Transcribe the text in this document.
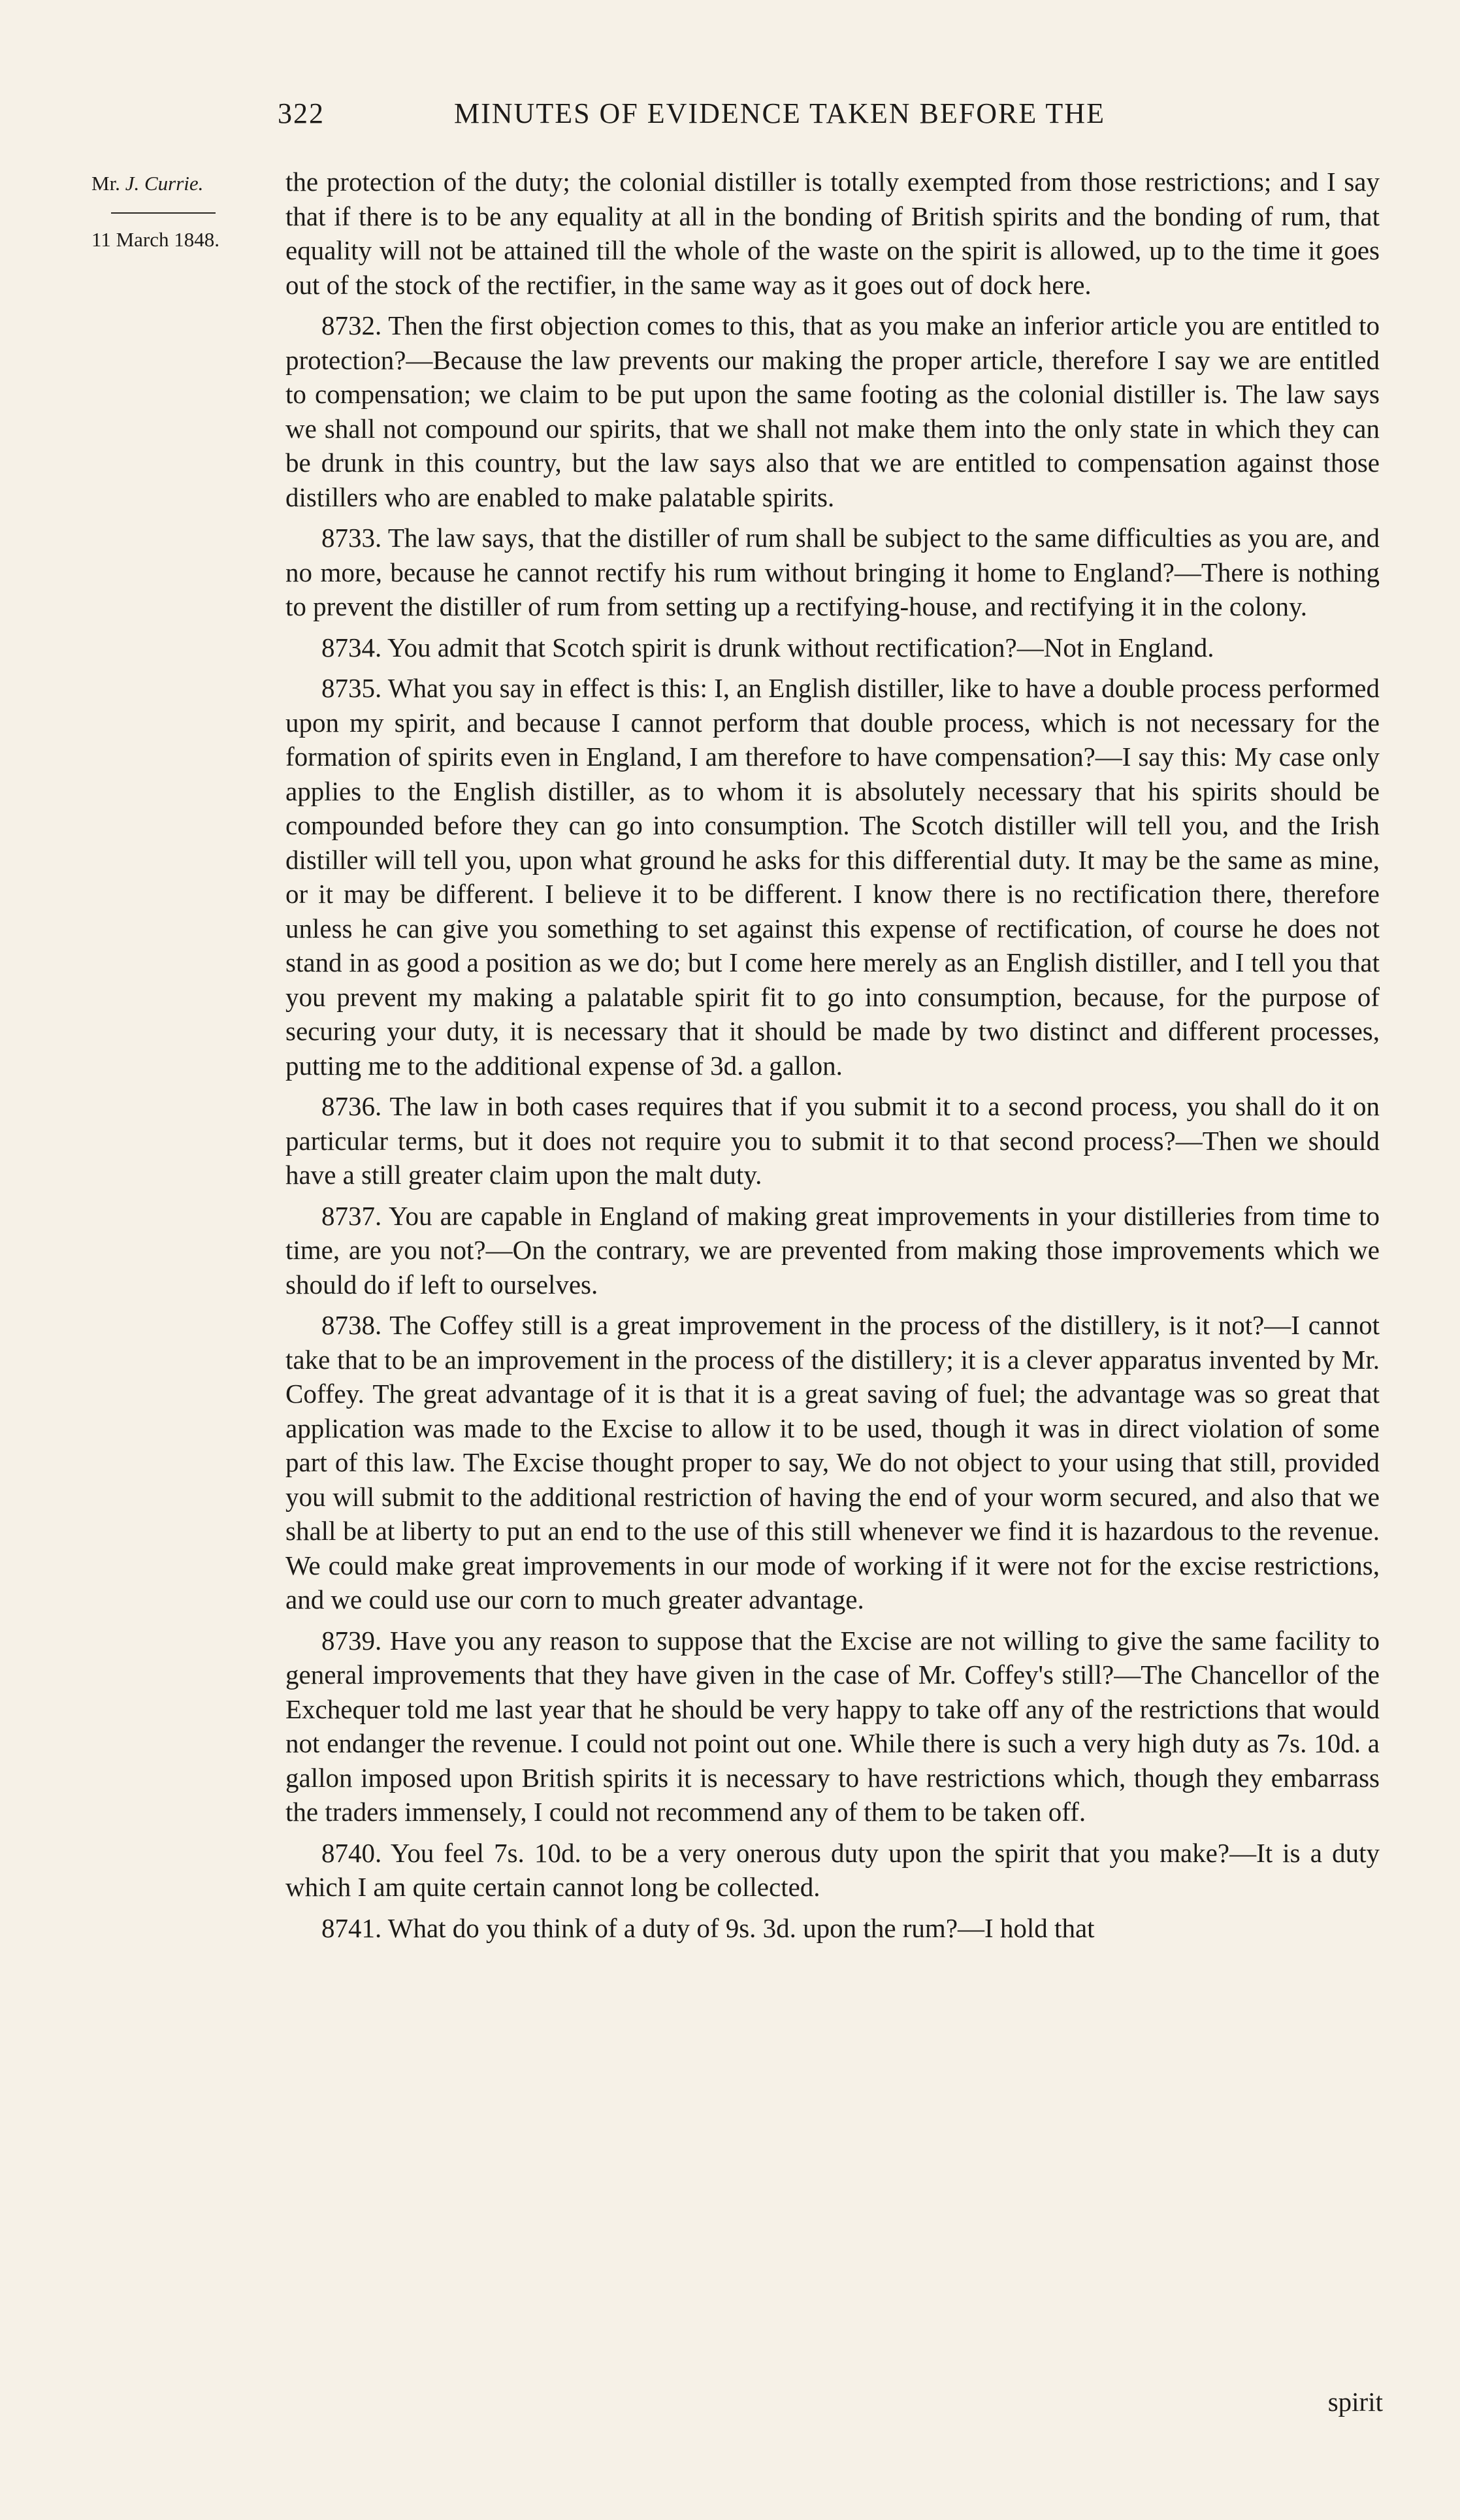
322	MINUTES OF EVIDENCE TAKEN BEFORE THE
Mr. J. Currie.
11 March 1848.

the protection of the duty; the colonial distiller is totally exempted from those restrictions; and I say that if there is to be any equality at all in the bonding of British spirits and the bonding of rum, that equality will not be attained till the whole of the waste on the spirit is allowed, up to the time it goes out of the stock of the rectifier, in the same way as it goes out of dock here.

8732. Then the first objection comes to this, that as you make an inferior article you are entitled to protection?—Because the law prevents our making the proper article, therefore I say we are entitled to compensation; we claim to be put upon the same footing as the colonial distiller is. The law says we shall not compound our spirits, that we shall not make them into the only state in which they can be drunk in this country, but the law says also that we are entitled to compensation against those distillers who are enabled to make palatable spirits.

8733. The law says, that the distiller of rum shall be subject to the same difficulties as you are, and no more, because he cannot rectify his rum without bringing it home to England?—There is nothing to prevent the distiller of rum from setting up a rectifying-house, and rectifying it in the colony.

8734. You admit that Scotch spirit is drunk without rectification?—Not in England.

8735. What you say in effect is this: I, an English distiller, like to have a double process performed upon my spirit, and because I cannot perform that double process, which is not necessary for the formation of spirits even in England, I am therefore to have compensation?—I say this: My case only applies to the English distiller, as to whom it is absolutely necessary that his spirits should be compounded before they can go into consumption. The Scotch distiller will tell you, and the Irish distiller will tell you, upon what ground he asks for this differential duty. It may be the same as mine, or it may be different. I believe it to be different. I know there is no rectification there, therefore unless he can give you something to set against this expense of rectification, of course he does not stand in as good a position as we do; but I come here merely as an English distiller, and I tell you that you prevent my making a palatable spirit fit to go into consumption, because, for the purpose of securing your duty, it is necessary that it should be made by two distinct and different processes, putting me to the additional expense of 3d. a gallon.

8736. The law in both cases requires that if you submit it to a second process, you shall do it on particular terms, but it does not require you to submit it to that second process?—Then we should have a still greater claim upon the malt duty.

8737. You are capable in England of making great improvements in your distilleries from time to time, are you not?—On the contrary, we are prevented from making those improvements which we should do if left to ourselves.

8738. The Coffey still is a great improvement in the process of the distillery, is it not?—I cannot take that to be an improvement in the process of the distillery; it is a clever apparatus invented by Mr. Coffey. The great advantage of it is that it is a great saving of fuel; the advantage was so great that application was made to the Excise to allow it to be used, though it was in direct violation of some part of this law. The Excise thought proper to say, We do not object to your using that still, provided you will submit to the additional restriction of having the end of your worm secured, and also that we shall be at liberty to put an end to the use of this still whenever we find it is hazardous to the revenue. We could make great improvements in our mode of working if it were not for the excise restrictions, and we could use our corn to much greater advantage.

8739. Have you any reason to suppose that the Excise are not willing to give the same facility to general improvements that they have given in the case of Mr. Coffey's still?—The Chancellor of the Exchequer told me last year that he should be very happy to take off any of the restrictions that would not endanger the revenue. I could not point out one. While there is such a very high duty as 7s. 10d. a gallon imposed upon British spirits it is necessary to have restrictions which, though they embarrass the traders immensely, I could not recommend any of them to be taken off.

8740. You feel 7s. 10d. to be a very onerous duty upon the spirit that you make?—It is a duty which I am quite certain cannot long be collected.

8741. What do you think of a duty of 9s. 3d. upon the rum?—I hold that

spirit
